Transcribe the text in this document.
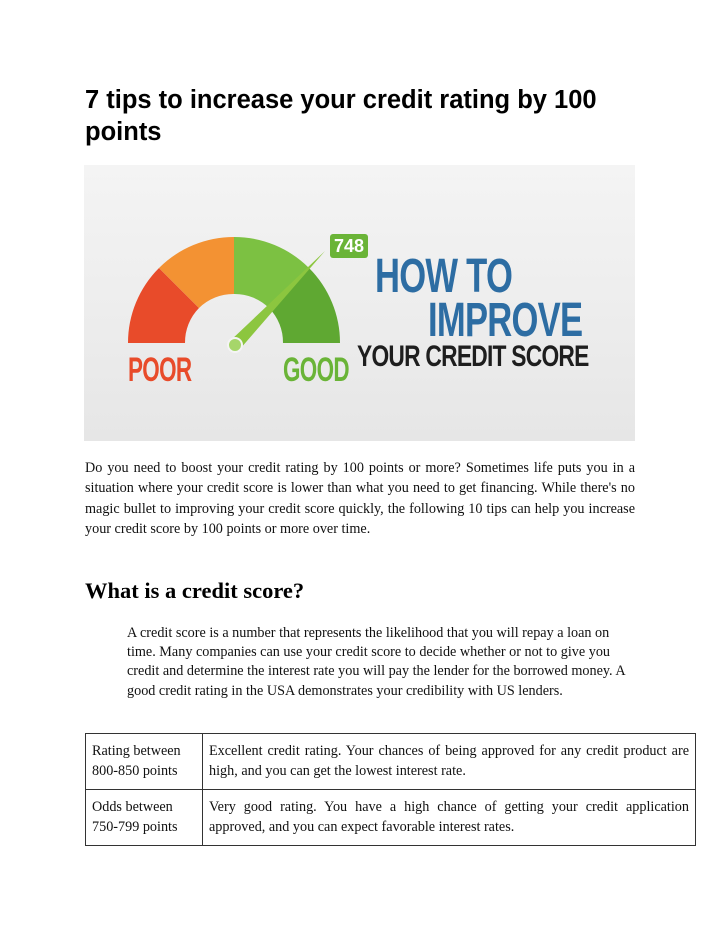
7 tips to increase your credit rating by 100 points
748
HOW TO
IMPROVE
YOUR CREDIT SCORE
POOR	GOOD

Do you need to boost your credit rating by 100 points or more? Sometimes life puts you in a situation where your credit score is lower than what you need to get financing. While there's no magic bullet to improving your credit score quickly, the following 10 tips can help you increase your credit score by 100 points or more over time.

What is a credit score?

A credit score is a number that represents the likelihood that you will repay a loan on time. Many companies can use your credit score to decide whether or not to give you credit and determine the interest rate you will pay the lender for the borrowed money. A good credit rating in the USA demonstrates your credibility with US lenders.

Rating between 800-850 points	Excellent credit rating. Your chances of being approved for any credit product are high, and you can get the lowest interest rate.
Odds between 750-799 points	Very good rating. You have a high chance of getting your credit application approved, and you can expect favorable interest rates.
